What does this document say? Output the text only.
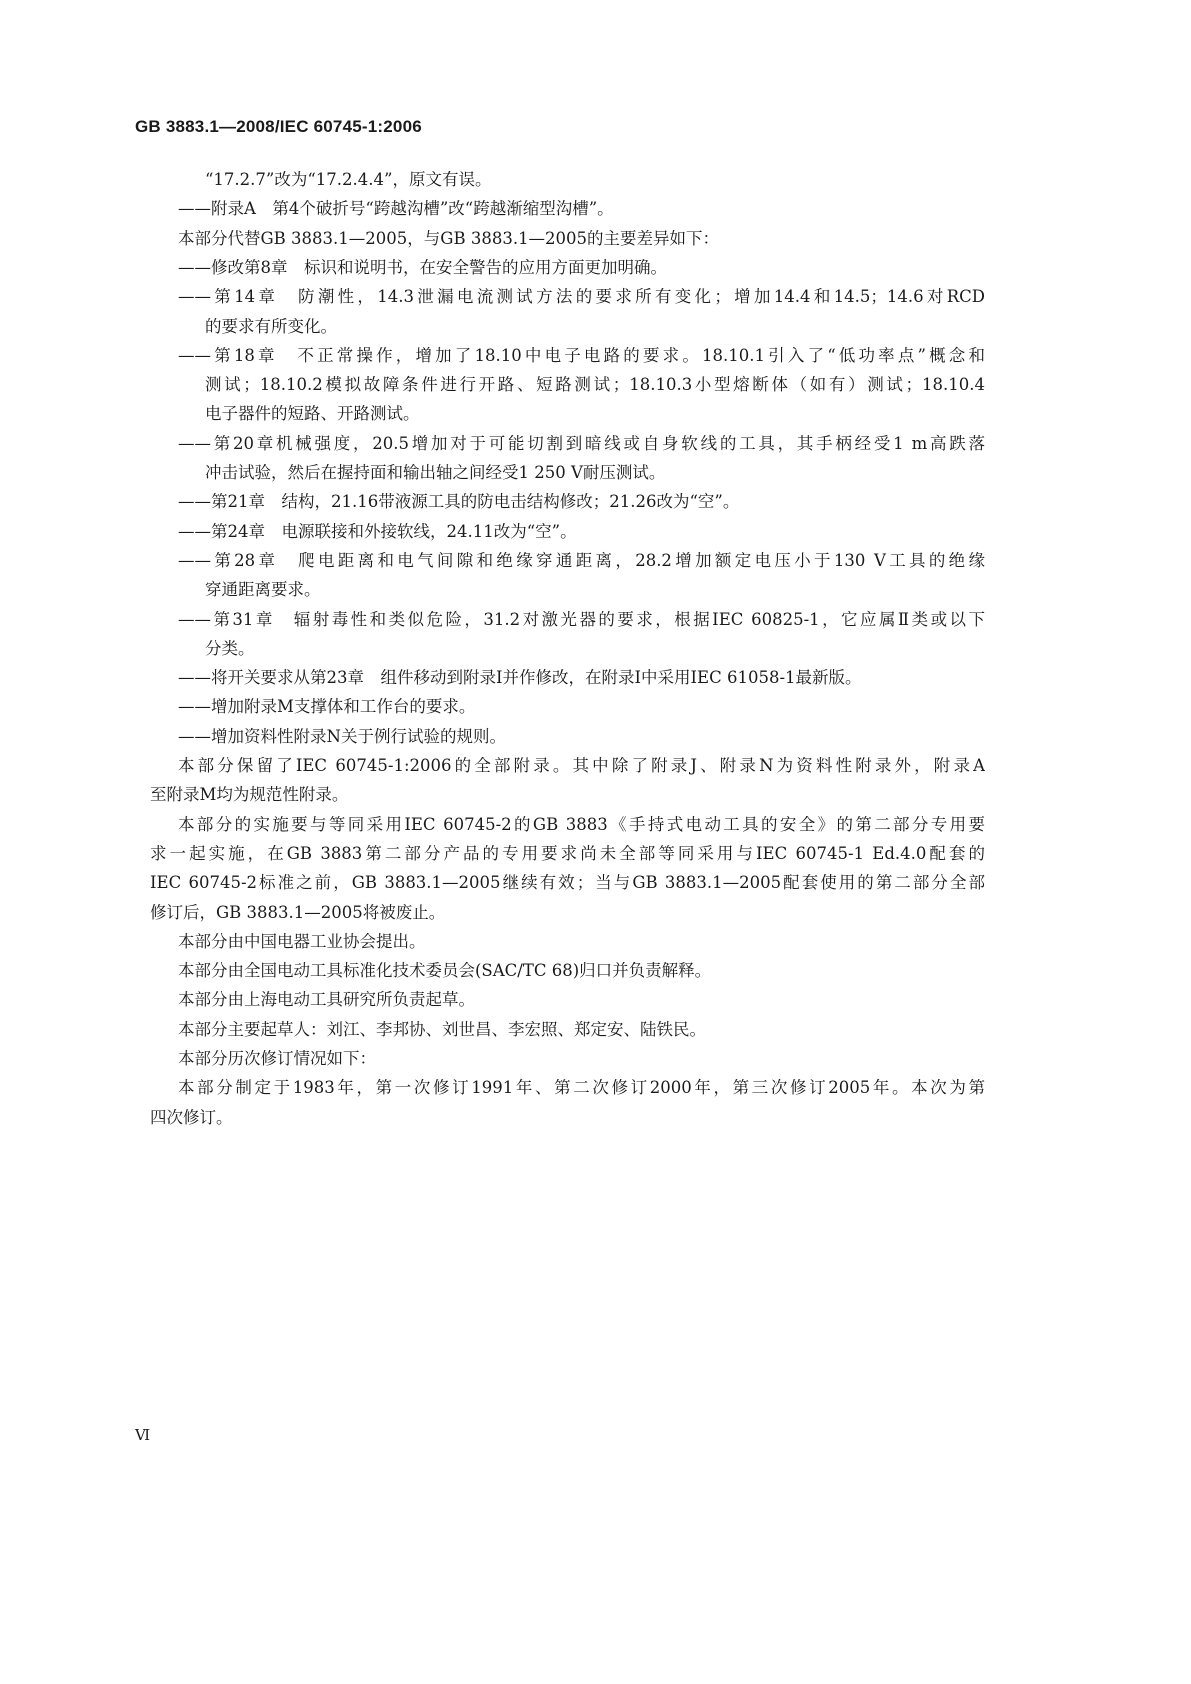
GB 3883.1—2008/IEC 60745-1:2006
“17.2.7”改为“17.2.4.4”，原文有误。
——附录A　第4个破折号“跨越沟槽”改“跨越渐缩型沟槽”。
本部分代替GB 3883.1—2005，与GB 3883.1—2005的主要差异如下：
——修改第8章　标识和说明书，在安全警告的应用方面更加明确。
——第14章　防潮性，14.3泄漏电流测试方法的要求所有变化；增加14.4和14.5；14.6对RCD
的要求有所变化。
——第18章　不正常操作，增加了18.10中电子电路的要求。18.10.1引入了“低功率点”概念和
测试；18.10.2模拟故障条件进行开路、短路测试；18.10.3小型熔断体（如有）测试；18.10.4
电子器件的短路、开路测试。
——第20章机械强度，20.5增加对于可能切割到暗线或自身软线的工具，其手柄经受1 m高跌落
冲击试验，然后在握持面和输出轴之间经受1 250 V耐压测试。
——第21章　结构，21.16带液源工具的防电击结构修改；21.26改为“空”。
——第24章　电源联接和外接软线，24.11改为“空”。
——第28章　爬电距离和电气间隙和绝缘穿通距离，28.2增加额定电压小于130 V工具的绝缘
穿通距离要求。
——第31章　辐射毒性和类似危险，31.2对激光器的要求，根据IEC 60825-1，它应属Ⅱ类或以下
分类。
——将开关要求从第23章　组件移动到附录I并作修改，在附录I中采用IEC 61058-1最新版。
——增加附录M支撑体和工作台的要求。
——增加资料性附录N关于例行试验的规则。
本部分保留了IEC 60745-1:2006的全部附录。其中除了附录J、附录N为资料性附录外，附录A
至附录M均为规范性附录。
本部分的实施要与等同采用IEC 60745-2的GB 3883《手持式电动工具的安全》的第二部分专用要
求一起实施，在GB 3883第二部分产品的专用要求尚未全部等同采用与IEC 60745-1 Ed.4.0配套的
IEC 60745-2标准之前，GB 3883.1—2005继续有效；当与GB 3883.1—2005配套使用的第二部分全部
修订后，GB 3883.1—2005将被废止。
本部分由中国电器工业协会提出。
本部分由全国电动工具标准化技术委员会(SAC/TC 68)归口并负责解释。
本部分由上海电动工具研究所负责起草。
本部分主要起草人：刘江、李邦协、刘世昌、李宏照、郑定安、陆铁民。
本部分历次修订情况如下：
本部分制定于1983年，第一次修订1991年、第二次修订2000年，第三次修订2005年。本次为第
四次修订。
Ⅵ
